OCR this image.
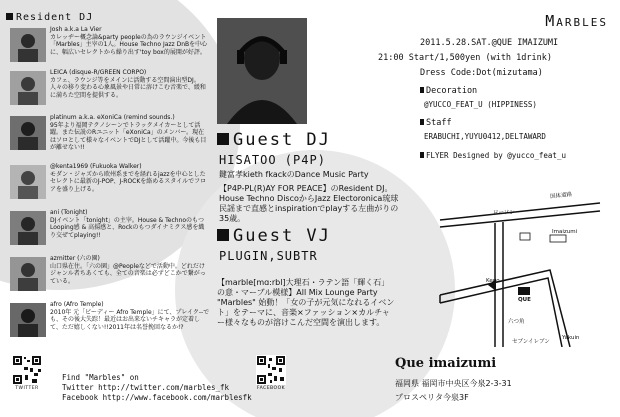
Resident DJ
Josh a.k.a La Vier
カレッヂー概念論&party peopleの為のラウンジイベント「Marbles」主宰の1人。House Techno Jazz DnBを中心に、幅広いセレクトから繰り出す'toy box的展開が好評。
LEICA (disque-R/GREEN CORPO)
カフェ、ラウンジ等をメインに活動する空間演出型DJ。人々の移り変わる心象風景や日常に溶けこむ音楽で、緩和に満ちた空間を提供する。
platinum a.k.a. eXoniCa (remind sounds.)
95年より福岡テクノシーンでトラックメイカーとして活躍。また伝説のRユニット「eXoniCa」のメンバー。現在はソロとして様々なイベントでDJとして活躍中。今後も目が離せない!!
@kenta1969 (Fukuoka Walker)
モダン・ジャズから欧州系までを経れるjazzを中心としたセレクトに最新のJ-POP、J-ROCKを絡めるスタイルでフロアを盛り上げる。
ani (Tonight)
DJイベント「tonight」の主宰。House & Technoのもつ Looping感 & 高揚感と、Rockのもつダイナミクス感を織り交ぜてplaying!!
azmitter (六の園)
山口県在住。「六の園」@Peopleなどで活動中。どれだけジャンル者ちあくても、全ての音楽は必ずどこかで繋がっている。
afro (Afro Temple)
2010年 元「ビーディー Afro Temple」にて、プレイク--でも、その後大失踪！最近はお出来ないチキャラが定着して、ただ嬉しくない!!2011年は名誉挽回なるか!?
Guest DJ
HISATOO (P4P)
鍵富孝kieth fkackのDance Music Party
【P4P-PL(R)AY FOR PEACE】のResident DJ。House Techno DiscoからJazz Electoronica琉球民謡まで直感とinspirationでplayする左曲がりの35歳。
Guest VJ
PLUGIN,SUBTR
【marble[mɑ:rbl]大理石・ラテン語「輝く石」の意・マーブル模様】All Mix Lounge Party "Marbles" 始動！「女の子が元気になれるイベント」をテーマに、音楽×ファッション×カルチャー様々なものが溶けこんだ空間を演出します。
Marbles
2011.5.28.SAT.@QUE IMAIZUMI
21:00 Start/1,500yen (with 1drink)
Dress Code:Dot(mizutama)
Decoration
@YUCCO_FEAT_U (HIPPINESS)
Staff
ERABUCHI,YUYU0412,DELTAWARD
FLYER Designed by @yucco_feat_u
ローソン
国体道路
Imaizumi
Kego
QUE
六つ角
セブンイレブン
Yakuin
Que imaizumi
福岡県 福岡市中央区今泉2-3-31
プロスペリタ今泉3F
TWITTER
Find "Marbles" on
Twitter http://twitter.com/marbles_fk
Facebook http://www.facebook.com/marblesfk
FACEBOOK
